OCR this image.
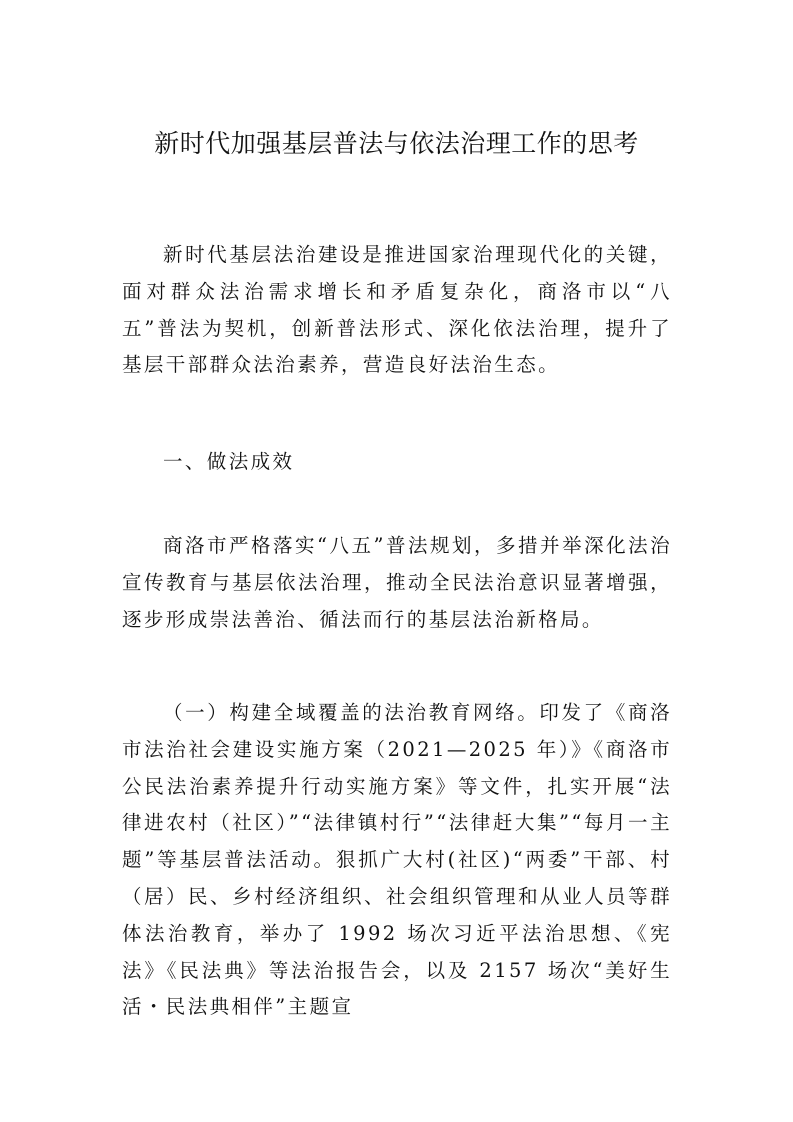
新时代加强基层普法与依法治理工作的思考

新时代基层法治建设是推进国家治理现代化的关键，面对群众法治需求增长和矛盾复杂化，商洛市以“八五”普法为契机，创新普法形式、深化依法治理，提升了基层干部群众法治素养，营造良好法治生态。

一、做法成效

商洛市严格落实“八五”普法规划，多措并举深化法治宣传教育与基层依法治理，推动全民法治意识显著增强，逐步形成崇法善治、循法而行的基层法治新格局。

（一）构建全域覆盖的法治教育网络。印发了《商洛市法治社会建设实施方案（2021—2025 年）》《商洛市公民法治素养提升行动实施方案》等文件，扎实开展“法律进农村（社区）”“法律镇村行”“法律赶大集”“每月一主题”等基层普法活动。狠抓广大村(社区)“两委”干部、村（居）民、乡村经济组织、社会组织管理和从业人员等群体法治教育，举办了 1992 场次习近平法治思想、《宪法》《民法典》等法治报告会，以及 2157 场次“美好生活・民法典相伴”主题宣
